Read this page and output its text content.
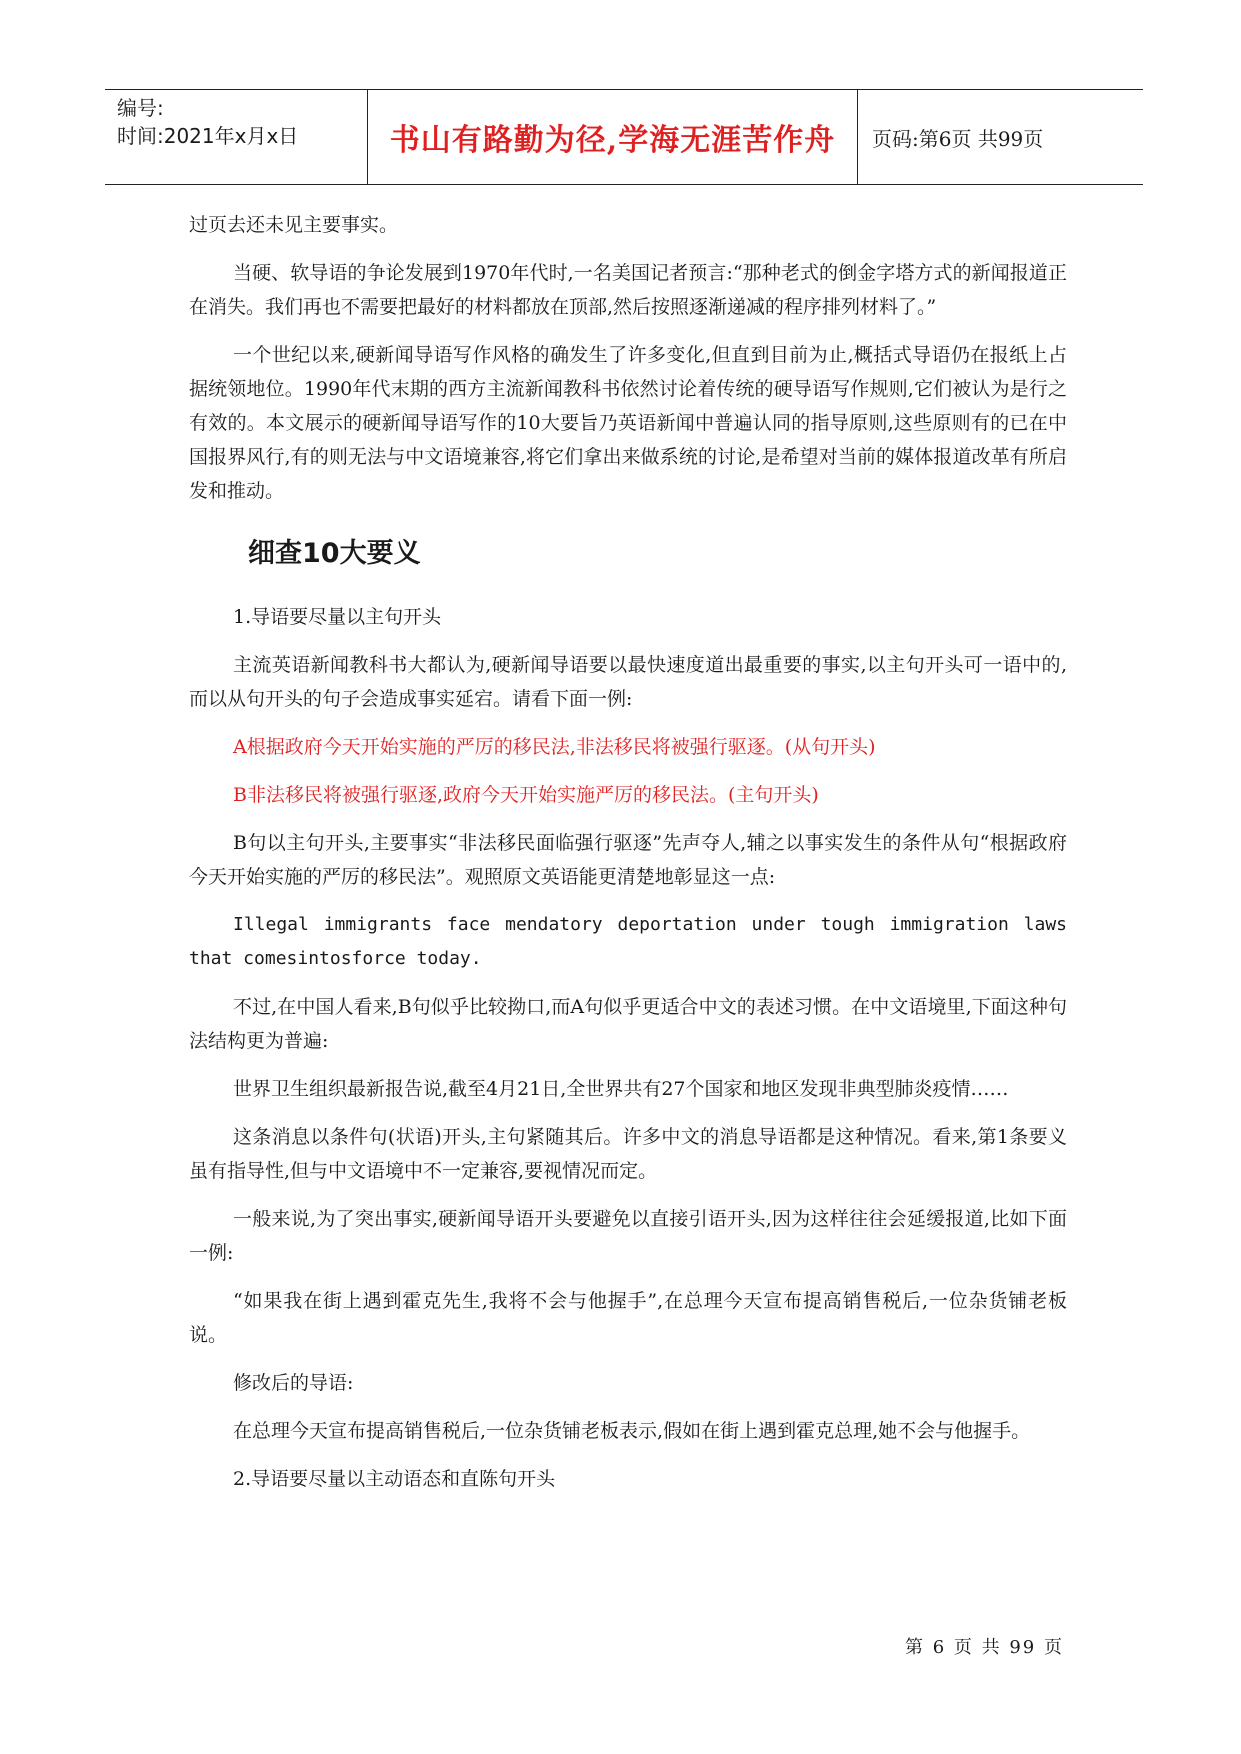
编号:
时间:2021年x月x日	书山有路勤为径,学海无涯苦作舟	页码:第6页 共99页

过页去还未见主要事实。

当硬、软导语的争论发展到1970年代时,一名美国记者预言:“那种老式的倒金字塔方式的新闻报道正在消失。我们再也不需要把最好的材料都放在顶部,然后按照逐渐递减的程序排列材料了。”

一个世纪以来,硬新闻导语写作风格的确发生了许多变化,但直到目前为止,概括式导语仍在报纸上占据统领地位。1990年代末期的西方主流新闻教科书依然讨论着传统的硬导语写作规则,它们被认为是行之有效的。本文展示的硬新闻导语写作的10大要旨乃英语新闻中普遍认同的指导原则,这些原则有的已在中国报界风行,有的则无法与中文语境兼容,将它们拿出来做系统的讨论,是希望对当前的媒体报道改革有所启发和推动。

细查10大要义

1.导语要尽量以主句开头

主流英语新闻教科书大都认为,硬新闻导语要以最快速度道出最重要的事实,以主句开头可一语中的,而以从句开头的句子会造成事实延宕。请看下面一例:

A根据政府今天开始实施的严厉的移民法,非法移民将被强行驱逐。(从句开头)

B非法移民将被强行驱逐,政府今天开始实施严厉的移民法。(主句开头)

B句以主句开头,主要事实“非法移民面临强行驱逐”先声夺人,辅之以事实发生的条件从句“根据政府今天开始实施的严厉的移民法”。观照原文英语能更清楚地彰显这一点:

Illegal immigrants face mendatory deportation under tough immigration laws that comesintosforce today.

不过,在中国人看来,B句似乎比较拗口,而A句似乎更适合中文的表述习惯。在中文语境里,下面这种句法结构更为普遍:

世界卫生组织最新报告说,截至4月21日,全世界共有27个国家和地区发现非典型肺炎疫情……

这条消息以条件句(状语)开头,主句紧随其后。许多中文的消息导语都是这种情况。看来,第1条要义虽有指导性,但与中文语境中不一定兼容,要视情况而定。

一般来说,为了突出事实,硬新闻导语开头要避免以直接引语开头,因为这样往往会延缓报道,比如下面一例:

“如果我在街上遇到霍克先生,我将不会与他握手”,在总理今天宣布提高销售税后,一位杂货铺老板说。

修改后的导语:

在总理今天宣布提高销售税后,一位杂货铺老板表示,假如在街上遇到霍克总理,她不会与他握手。

2.导语要尽量以主动语态和直陈句开头

第 6 页 共 99 页
